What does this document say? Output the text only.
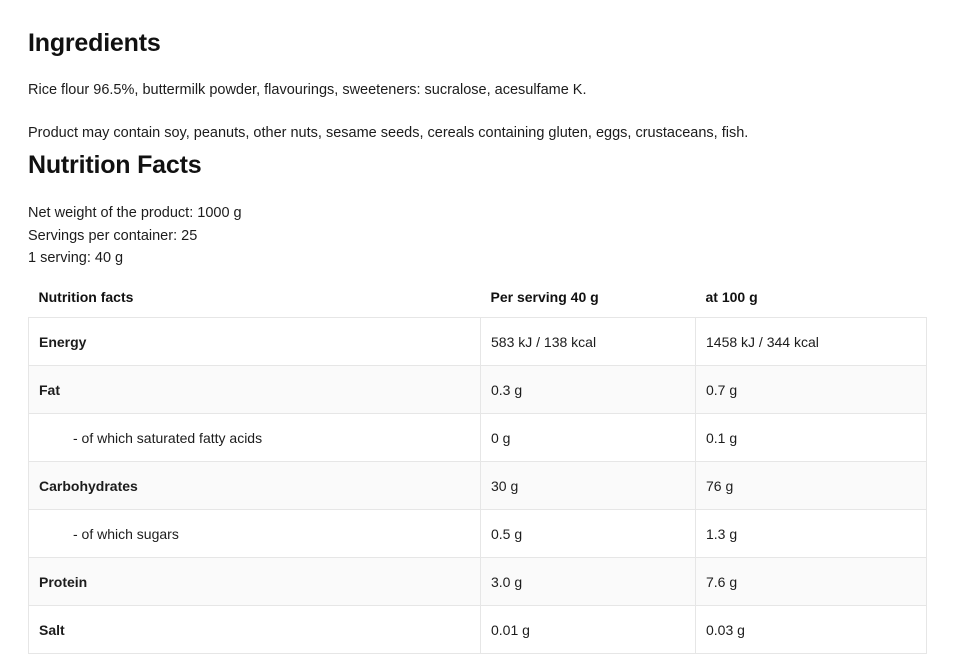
Ingredients

Rice flour 96.5%, buttermilk powder, flavourings, sweeteners: sucralose, acesulfame K.

Product may contain soy, peanuts, other nuts, sesame seeds, cereals containing gluten, eggs, crustaceans, fish.

Nutrition Facts
Net weight of the product: 1000 g
Servings per container: 25
1 serving: 40 g
Nutrition facts	Per serving 40 g	at 100 g
Energy	583 kJ / 138 kcal	1458 kJ / 344 kcal
Fat	0.3 g	0.7 g
- of which saturated fatty acids	0 g	0.1 g
Carbohydrates	30 g	76 g
- of which sugars	0.5 g	1.3 g
Protein	3.0 g	7.6 g
Salt	0.01 g	0.03 g
